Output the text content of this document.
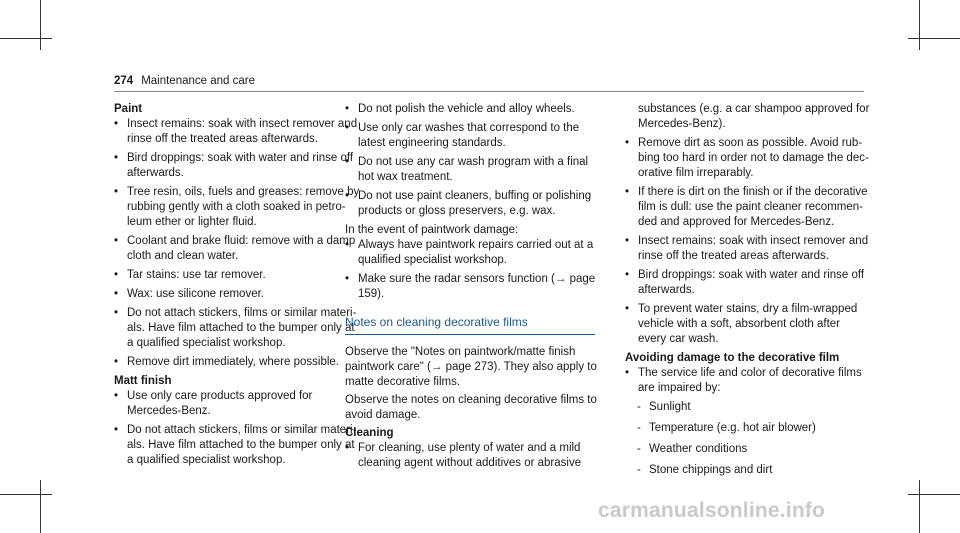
274 Maintenance and care

Paint

• Insect remains: soak with insect remover and rinse off the treated areas afterwards.
• Bird droppings: soak with water and rinse off afterwards.
• Tree resin, oils, fuels and greases: remove by rubbing gently with a cloth soaked in petro-leum ether or lighter fluid.
• Coolant and brake fluid: remove with a damp cloth and clean water.
• Tar stains: use tar remover.
• Wax: use silicone remover.
• Do not attach stickers, films or similar materi-als. Have film attached to the bumper only at a qualified specialist workshop.
• Remove dirt immediately, where possible.

Matt finish

• Use only care products approved for Mercedes-Benz.
• Do not attach stickers, films or similar materi-als. Have film attached to the bumper only at a qualified specialist workshop.
• Do not polish the vehicle and alloy wheels.
• Use only car washes that correspond to the latest engineering standards.
• Do not use any car wash program with a final hot wax treatment.
• Do not use paint cleaners, buffing or polishing products or gloss preservers, e.g. wax.

In the event of paintwork damage:

• Always have paintwork repairs carried out at a qualified specialist workshop.
• Make sure the radar sensors function (→ page 159).

Notes on cleaning decorative films

Observe the "Notes on paintwork/matte finish paintwork care" (→ page 273). They also apply to matte decorative films.

Observe the notes on cleaning decorative films to avoid damage.

Cleaning

• For cleaning, use plenty of water and a mild cleaning agent without additives or abrasive

substances (e.g. a car shampoo approved for Mercedes-Benz).

• Remove dirt as soon as possible. Avoid rub-bing too hard in order not to damage the dec-orative film irreparably.
• If there is dirt on the finish or if the decorative film is dull: use the paint cleaner recommen-ded and approved for Mercedes-Benz.
• Insect remains: soak with insect remover and rinse off the treated areas afterwards.
• Bird droppings: soak with water and rinse off afterwards.
• To prevent water stains, dry a film-wrapped vehicle with a soft, absorbent cloth after every car wash.

Avoiding damage to the decorative film

• The service life and color of decorative films are impaired by:
- Sunlight
- Temperature (e.g. hot air blower)
- Weather conditions
- Stone chippings and dirt
carmanualsonline.info
